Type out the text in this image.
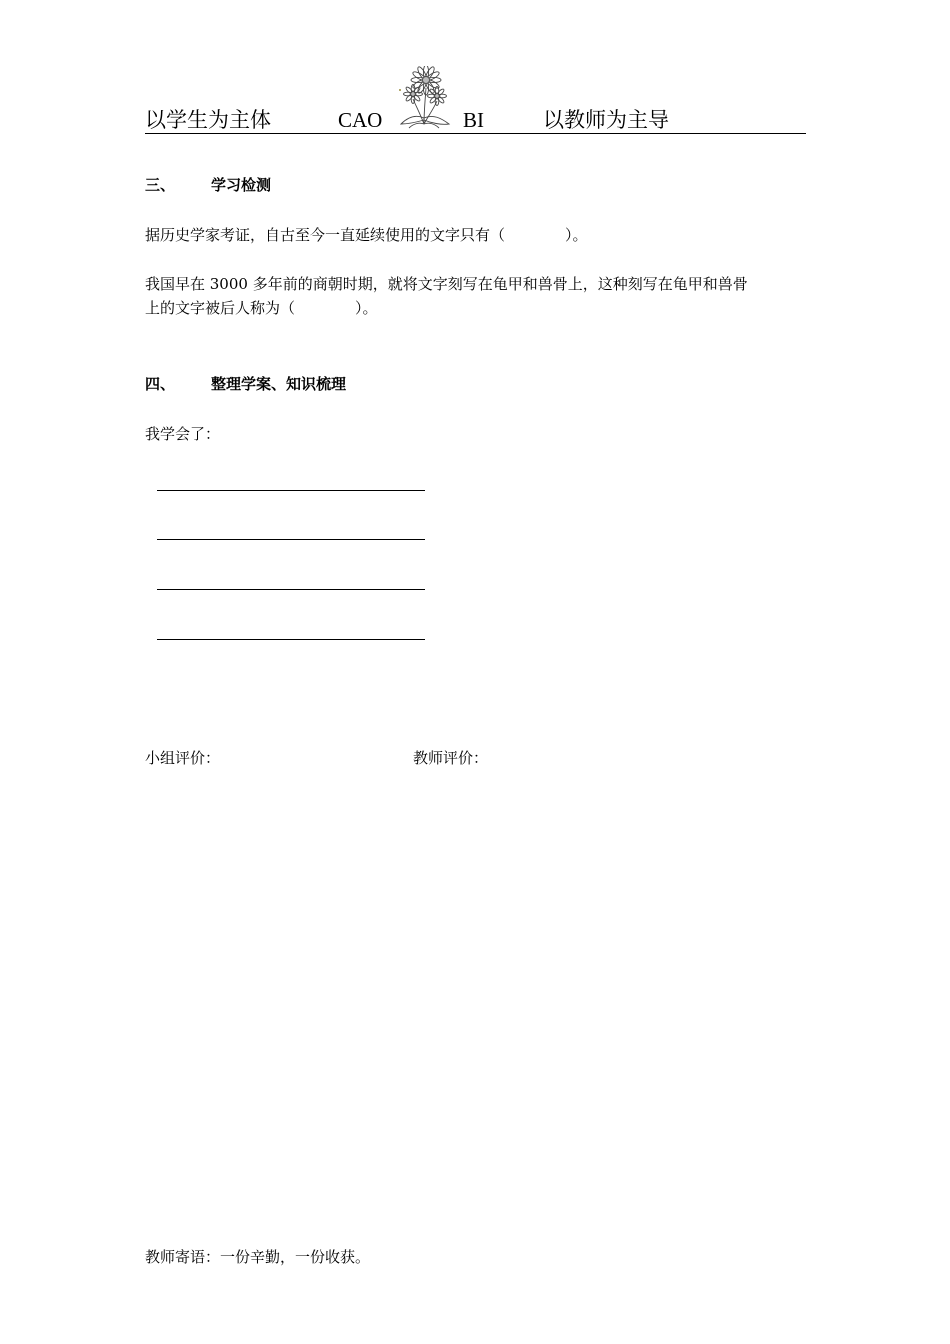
以学生为主体	CAO	BI	以教师为主导
三、 学习检测
据历史学家考证，自古至今一直延续使用的文字只有（	）。
我国早在 3000 多年前的商朝时期，就将文字刻写在龟甲和兽骨上，这种刻写在龟甲和兽骨
上的文字被后人称为（	）。
四、 整理学案、知识梳理
我学会了：
小组评价：	教师评价：
教师寄语：一份辛勤，一份收获。
